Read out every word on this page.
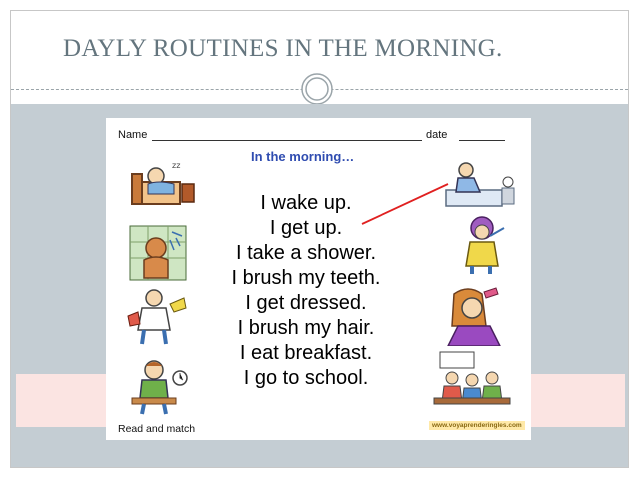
DAYLY ROUTINES IN THE MORNING.
Name	date
In the morning…
I wake up.
I get up.
I take a shower.
I brush my teeth.
I get dressed.
I brush my hair.
I eat breakfast.
I go to school.
zz
Read and match	www.voyaprenderingles.com
